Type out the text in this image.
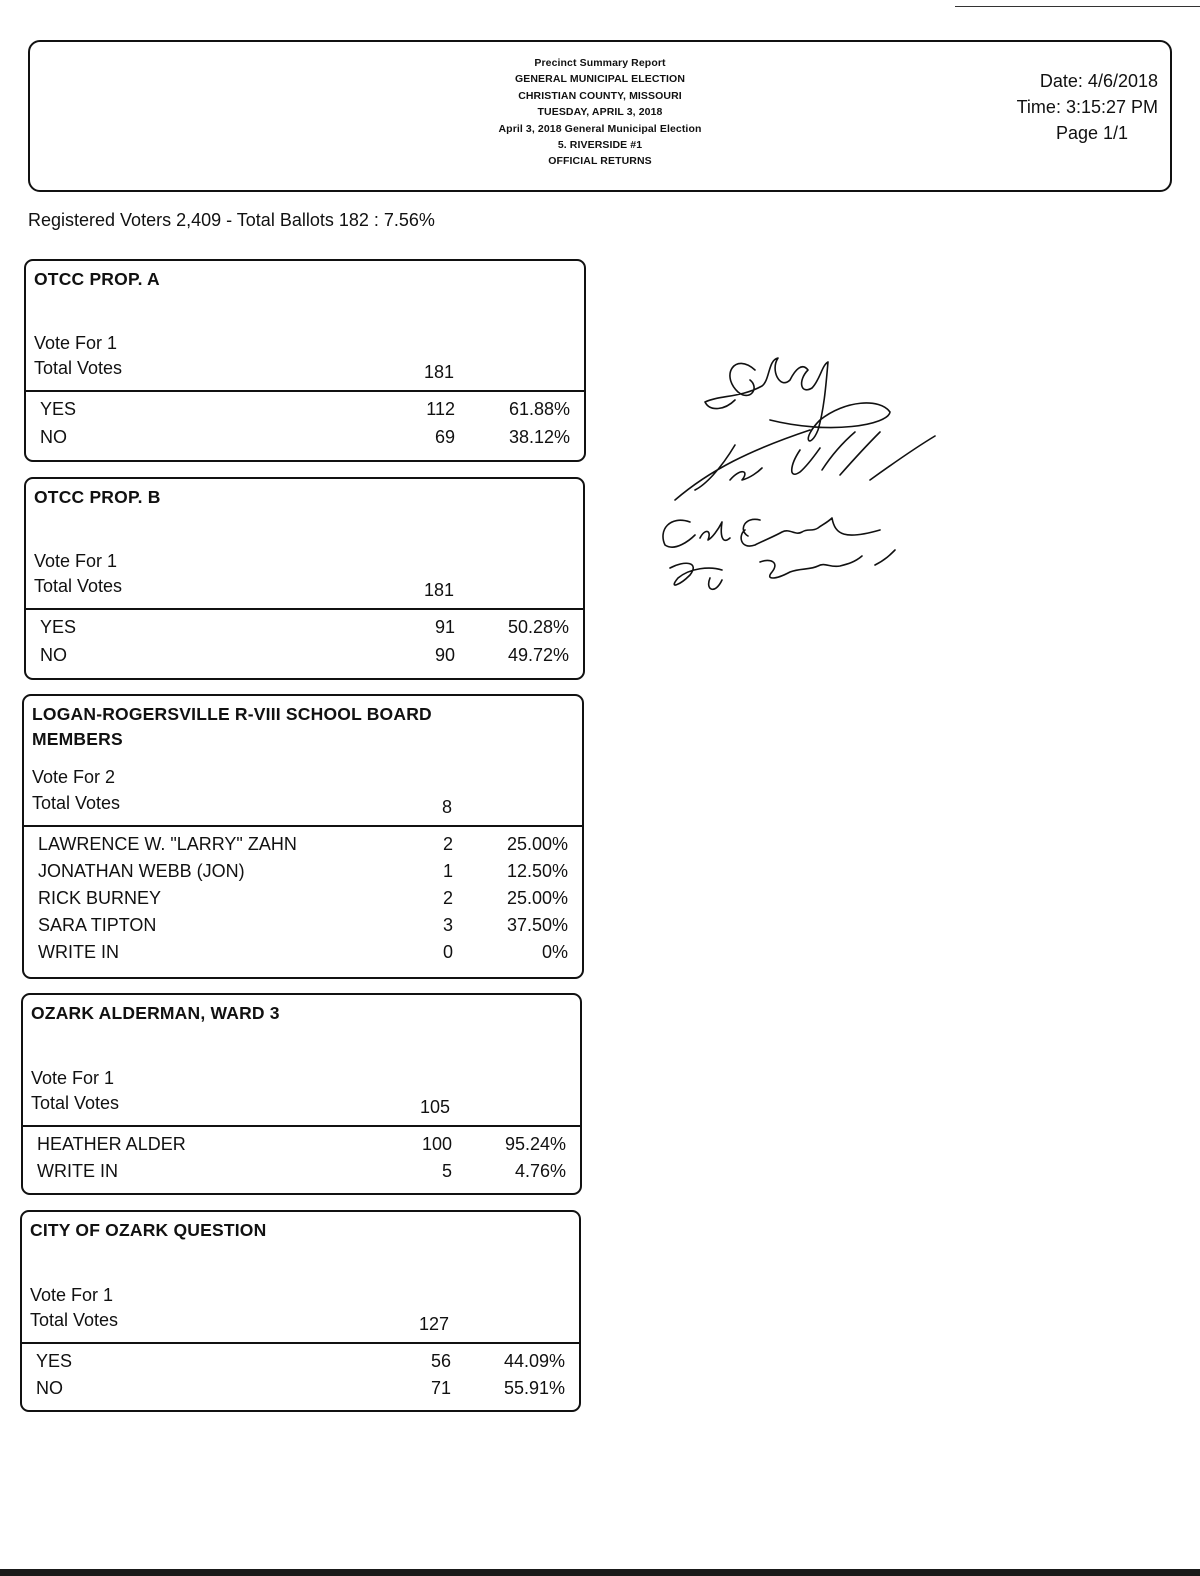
Precinct Summary Report
GENERAL MUNICIPAL ELECTION
CHRISTIAN COUNTY, MISSOURI
TUESDAY, APRIL 3, 2018
April 3, 2018 General Municipal Election
5. RIVERSIDE #1
OFFICIAL RETURNS
Date: 4/6/2018
Time: 3:15:27 PM
Page 1/1
Registered Voters 2,409 - Total Ballots 182 : 7.56%
OTCC PROP. A
Vote For 1
Total Votes	181
YES	112	61.88%
NO	69	38.12%
OTCC PROP. B
Vote For 1
Total Votes	181
YES	91	50.28%
NO	90	49.72%
LOGAN-ROGERSVILLE R-VIII SCHOOL BOARD
MEMBERS
Vote For 2
Total Votes	8
LAWRENCE W. "LARRY" ZAHN	2	25.00%
JONATHAN WEBB (JON)	1	12.50%
RICK BURNEY	2	25.00%
SARA TIPTON	3	37.50%
WRITE IN	0	0%
OZARK ALDERMAN, WARD 3
Vote For 1
Total Votes	105
HEATHER ALDER	100	95.24%
WRITE IN	5	4.76%
CITY OF OZARK QUESTION
Vote For 1
Total Votes	127
YES	56	44.09%
NO	71	55.91%
